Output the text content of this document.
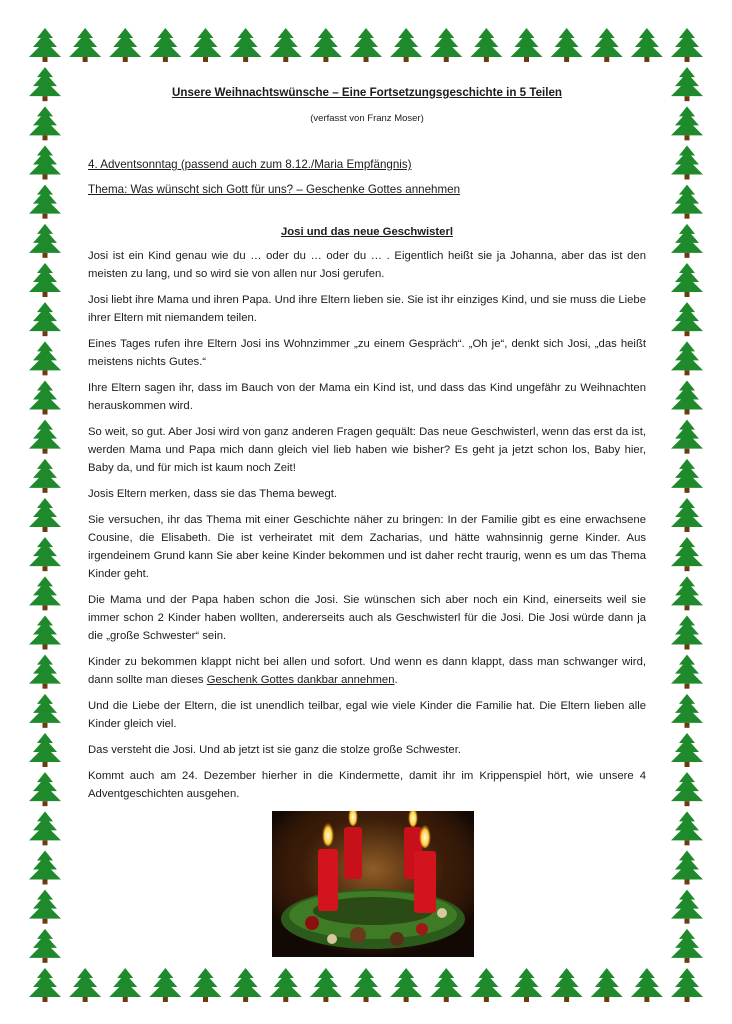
Unsere Weihnachtswünsche – Eine Fortsetzungsgeschichte in 5 Teilen
(verfasst von Franz Moser)
4. Adventsonntag (passend auch zum 8.12./Maria Empfängnis)
Thema: Was wünscht sich Gott für uns? – Geschenke Gottes annehmen
Josi und das neue Geschwisterl

Josi ist ein Kind genau wie du … oder du … oder du … . Eigentlich heißt sie ja Johanna, aber das ist den meisten zu lang, und so wird sie von allen nur Josi gerufen.

Josi liebt ihre Mama und ihren Papa. Und ihre Eltern lieben sie. Sie ist ihr einziges Kind, und sie muss die Liebe ihrer Eltern mit niemandem teilen.

Eines Tages rufen ihre Eltern Josi ins Wohnzimmer „zu einem Gespräch“. „Oh je“, denkt sich Josi, „das heißt meistens nichts Gutes.“

Ihre Eltern sagen ihr, dass im Bauch von der Mama ein Kind ist, und dass das Kind ungefähr zu Weihnachten herauskommen wird.

So weit, so gut. Aber Josi wird von ganz anderen Fragen gequält: Das neue Geschwisterl, wenn das erst da ist, werden Mama und Papa mich dann gleich viel lieb haben wie bisher? Es geht ja jetzt schon los, Baby hier, Baby da, und für mich ist kaum noch Zeit!

Josis Eltern merken, dass sie das Thema bewegt.

Sie versuchen, ihr das Thema mit einer Geschichte näher zu bringen: In der Familie gibt es eine erwachsene Cousine, die Elisabeth. Die ist verheiratet mit dem Zacharias, und hätte wahnsinnig gerne Kinder. Aus irgendeinem Grund kann Sie aber keine Kinder bekommen und ist daher recht traurig, wenn es um das Thema Kinder geht.

Die Mama und der Papa haben schon die Josi. Sie wünschen sich aber noch ein Kind, einerseits weil sie immer schon 2 Kinder haben wollten, andererseits auch als Geschwisterl für die Josi. Die Josi würde dann ja die „große Schwester“ sein.

Kinder zu bekommen klappt nicht bei allen und sofort. Und wenn es dann klappt, dass man schwanger wird, dann sollte man dieses Geschenk Gottes dankbar annehmen.

Und die Liebe der Eltern, die ist unendlich teilbar, egal wie viele Kinder die Familie hat. Die Eltern lieben alle Kinder gleich viel.

Das versteht die Josi. Und ab jetzt ist sie ganz die stolze große Schwester.

Kommt auch am 24. Dezember hierher in die Kindermette, damit ihr im Krippenspiel hört, wie unsere 4 Adventgeschichten ausgehen.
